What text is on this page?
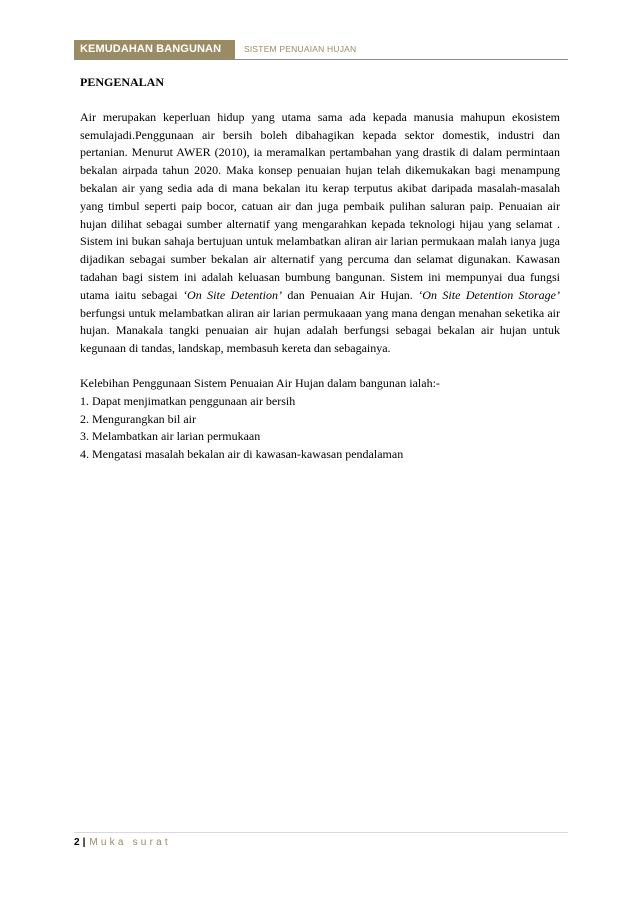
KEMUDAHAN BANGUNAN	SISTEM PENUAIAN HUJAN
PENGENALAN

Air merupakan keperluan hidup yang utama sama ada kepada manusia mahupun ekosistem semulajadi.Penggunaan air bersih boleh dibahagikan kepada sektor domestik, industri dan pertanian. Menurut AWER (2010), ia meramalkan pertambahan yang drastik di dalam permintaan bekalan airpada tahun 2020. Maka konsep penuaian hujan telah dikemukakan bagi menampung bekalan air yang sedia ada di mana bekalan itu kerap terputus akibat daripada masalah-masalah yang timbul seperti paip bocor, catuan air dan juga pembaik pulihan saluran paip. Penuaian air hujan dilihat sebagai sumber alternatif yang mengarahkan kepada teknologi hijau yang selamat . Sistem ini bukan sahaja bertujuan untuk melambatkan aliran air larian permukaan malah ianya juga dijadikan sebagai sumber bekalan air alternatif yang percuma dan selamat digunakan. Kawasan tadahan bagi sistem ini adalah keluasan bumbung bangunan. Sistem ini mempunyai dua fungsi utama iaitu sebagai ‘On Site Detention’ dan Penuaian Air Hujan. ‘On Site Detention Storage’ berfungsi untuk melambatkan aliran air larian permukaaan yang mana dengan menahan seketika air hujan. Manakala tangki penuaian air hujan adalah berfungsi sebagai bekalan air hujan untuk kegunaan di tandas, landskap, membasuh kereta dan sebagainya.

Kelebihan Penggunaan Sistem Penuaian Air Hujan dalam bangunan ialah:-

1. Dapat menjimatkan penggunaan air bersih
2. Mengurangkan bil air
3. Melambatkan air larian permukaan
4. Mengatasi masalah bekalan air di kawasan-kawasan pendalaman
2 | Muka surat
